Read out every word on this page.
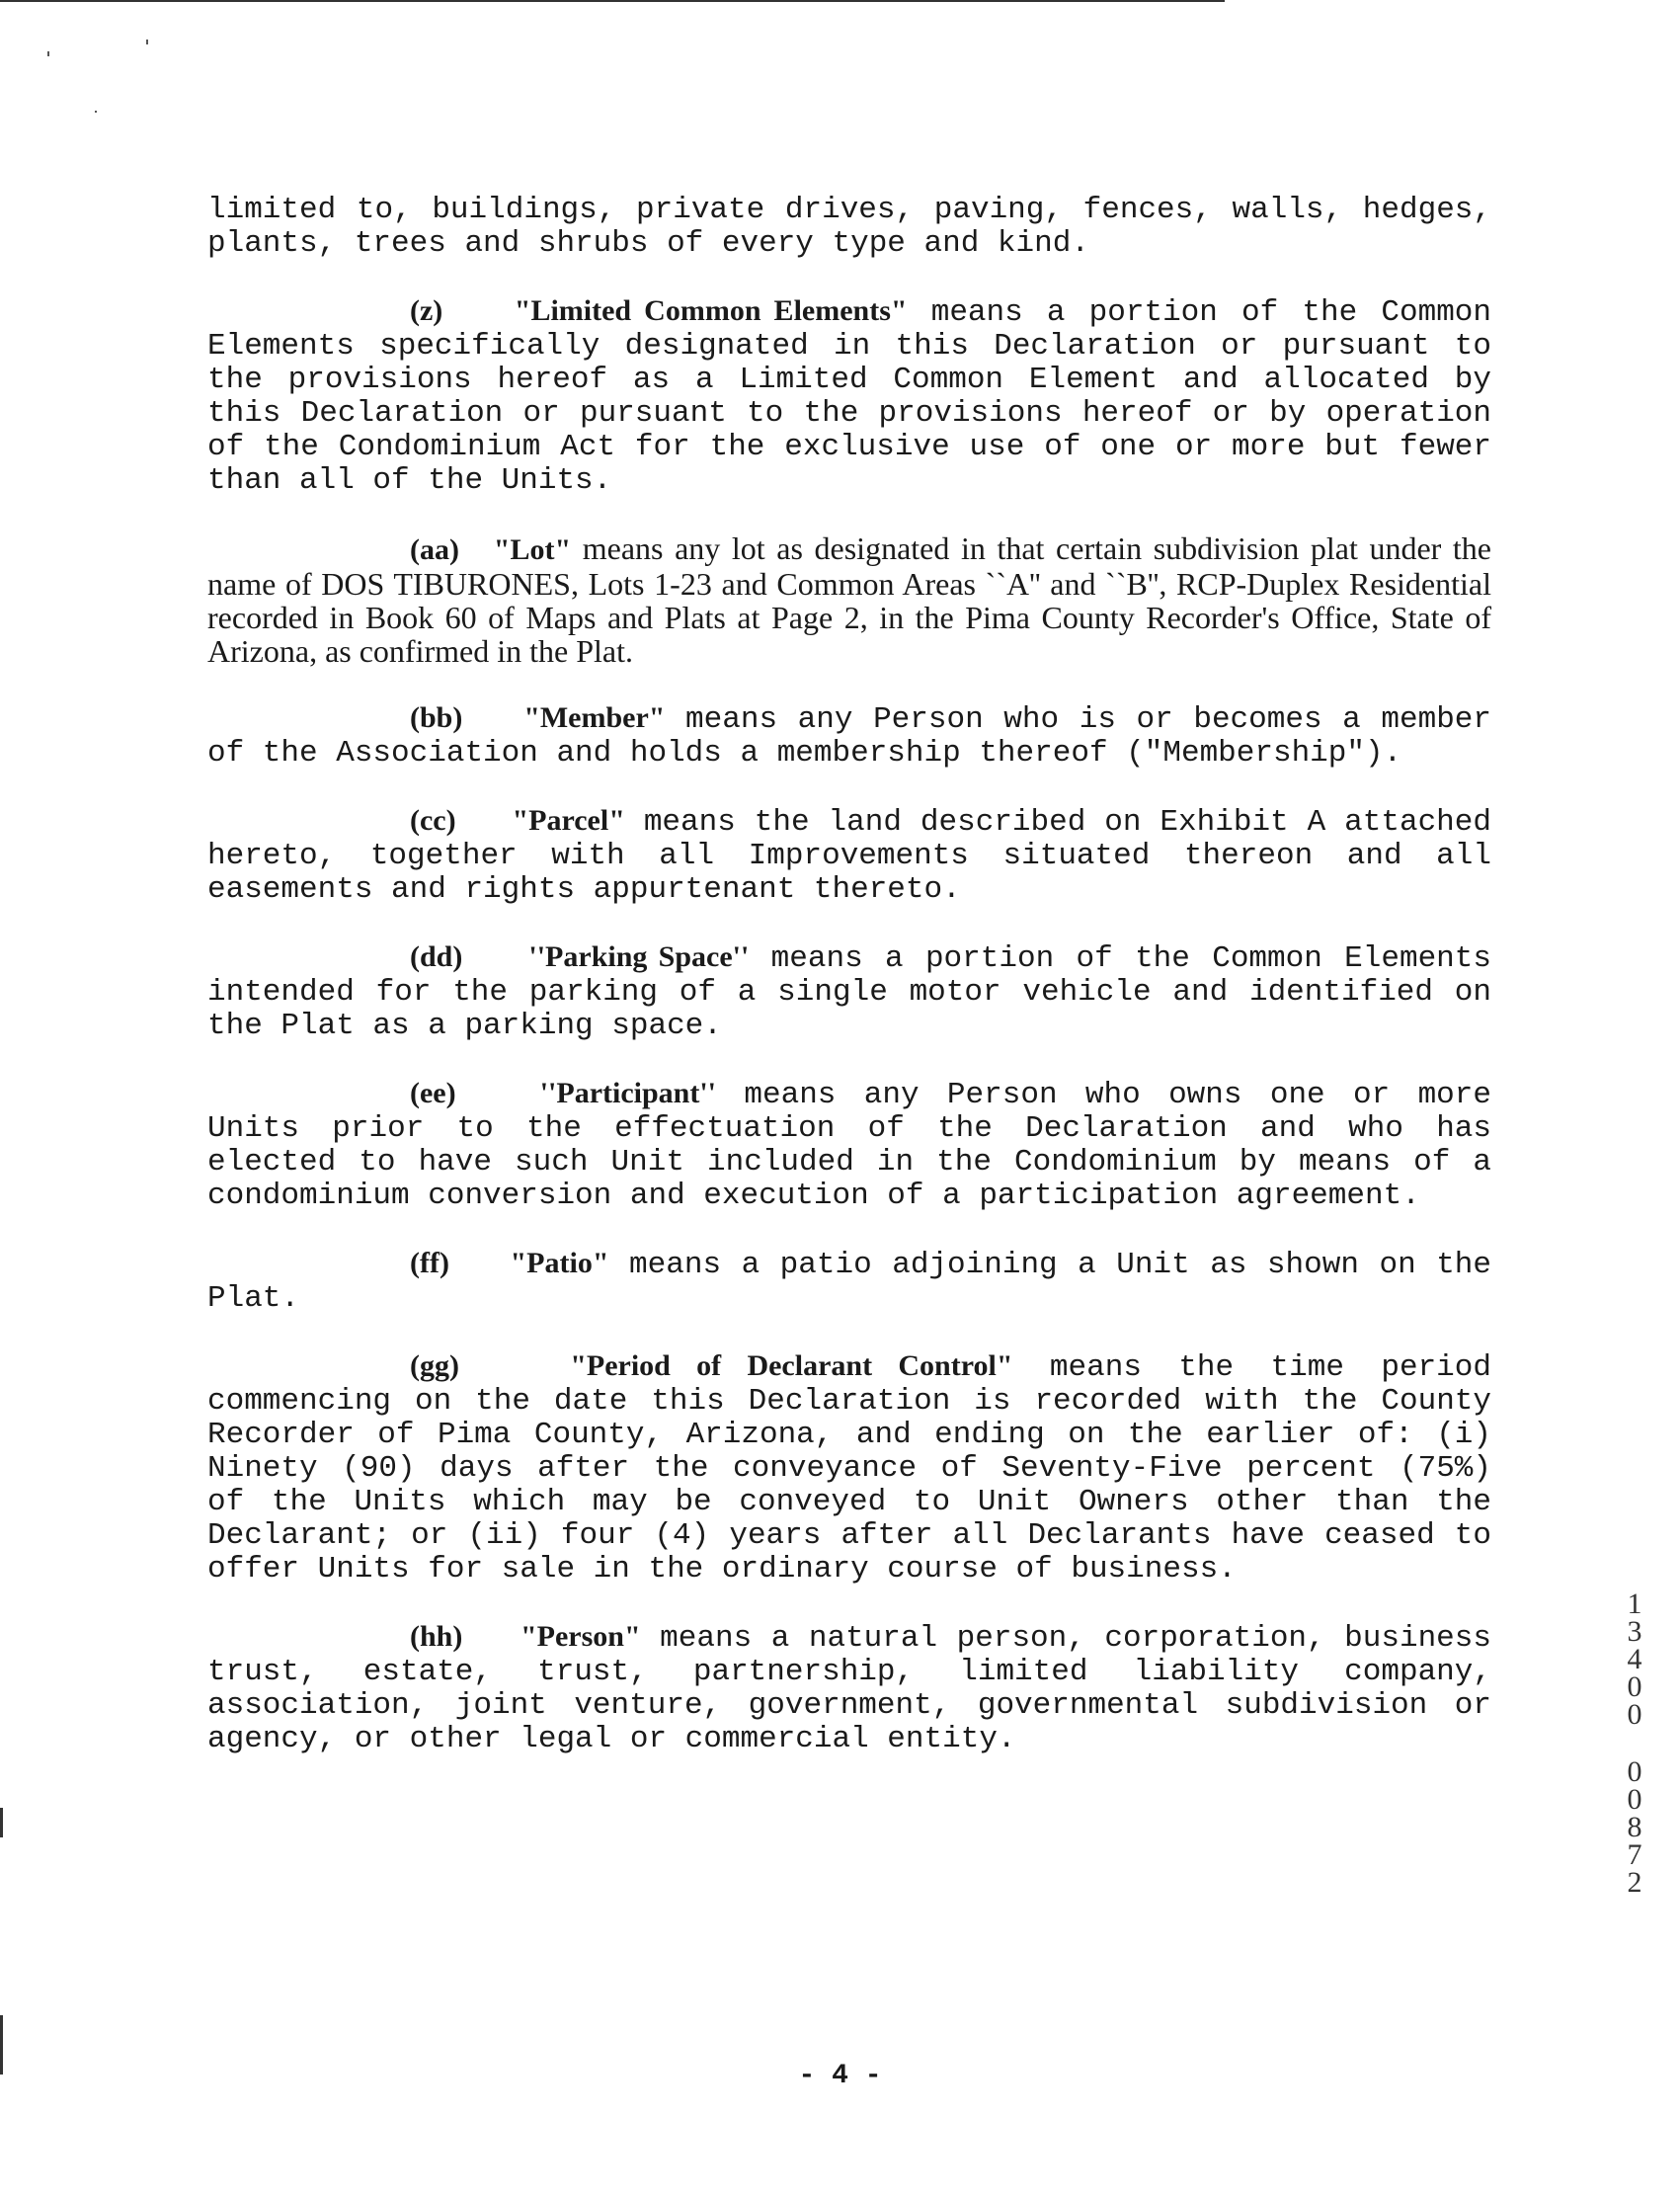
limited to, buildings, private drives, paving, fences, walls, hedges, plants, trees and shrubs of every type and kind.

(z) "Limited Common Elements" means a portion of the Common Elements specifically designated in this Declaration or pursuant to the provisions hereof as a Limited Common Element and allocated by this Declaration or pursuant to the provisions hereof or by operation of the Condominium Act for the exclusive use of one or more but fewer than all of the Units.

(aa) "Lot" means any lot as designated in that certain subdivision plat under the name of DOS TIBURONES, Lots 1-23 and Common Areas ``A'' and ``B'', RCP-Duplex Residential recorded in Book 60 of Maps and Plats at Page 2, in the Pima County Recorder's Office, State of Arizona, as confirmed in the Plat.

(bb) "Member" means any Person who is or becomes a member of the Association and holds a membership thereof ("Membership").

(cc) "Parcel" means the land described on Exhibit A attached hereto, together with all Improvements situated thereon and all easements and rights appurtenant thereto.

(dd) ''Parking Space'' means a portion of the Common Elements intended for the parking of a single motor vehicle and identified on the Plat as a parking space.

(ee)	''Participant'' means any Person who owns one or more Units prior to the effectuation of the Declaration and who has elected to have such Unit included in the Condominium by means of a condominium conversion and execution of a participation agreement.

(ff) "Patio" means a patio adjoining a Unit as shown on the Plat.

(gg)	"Period of Declarant Control" means the time period commencing on the date this Declaration is recorded with the County Recorder of Pima County, Arizona, and ending on the earlier of: (i) Ninety (90) days after the conveyance of Seventy-Five percent (75%) of the Units which may be conveyed to Unit Owners other than the Declarant; or (ii) four (4) years after all Declarants have ceased to offer Units for sale in the ordinary course of business.

(hh) "Person" means a natural person, corporation, business trust, estate, trust, partnership, limited liability company, association, joint venture, government, governmental subdivision or agency, or other legal or commercial entity.

1
3
4
0
0
0
0
8
7
2
- 4 -
